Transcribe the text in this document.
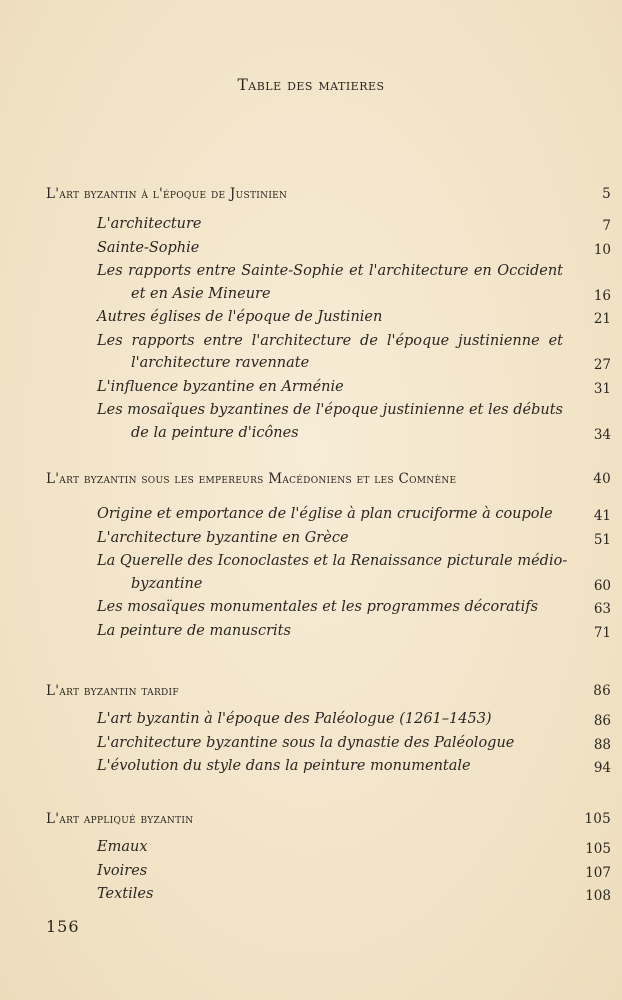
Table des matieres
L'art byzantin à l'époque de Justinien	5
L'architecture	7
Sainte-Sophie	10
Les rapports entre Sainte-Sophie et l'architecture en Occident
et en Asie Mineure	16
Autres églises de l'époque de Justinien	21
Les rapports entre l'architecture de l'époque justinienne et
l'architecture ravennate	27
L'influence byzantine en Arménie	31
Les mosaïques byzantines de l'époque justinienne et les débuts
de la peinture d'icônes	34
L'art byzantin sous les empereurs Macédoniens et les Comnène	40
Origine et emportance de l'église à plan cruciforme à coupole	41
L'architecture byzantine en Grèce	51
La Querelle des Iconoclastes et la Renaissance picturale médio-
byzantine	60
Les mosaïques monumentales et les programmes décoratifs	63
La peinture de manuscrits	71
L'art byzantin tardif	86
L'art byzantin à l'époque des Paléologue (1261–1453)	86
L'architecture byzantine sous la dynastie des Paléologue	88
L'évolution du style dans la peinture monumentale	94
L'art appliqué byzantin	105
Emaux	105
Ivoires	107
Textiles	108
156
